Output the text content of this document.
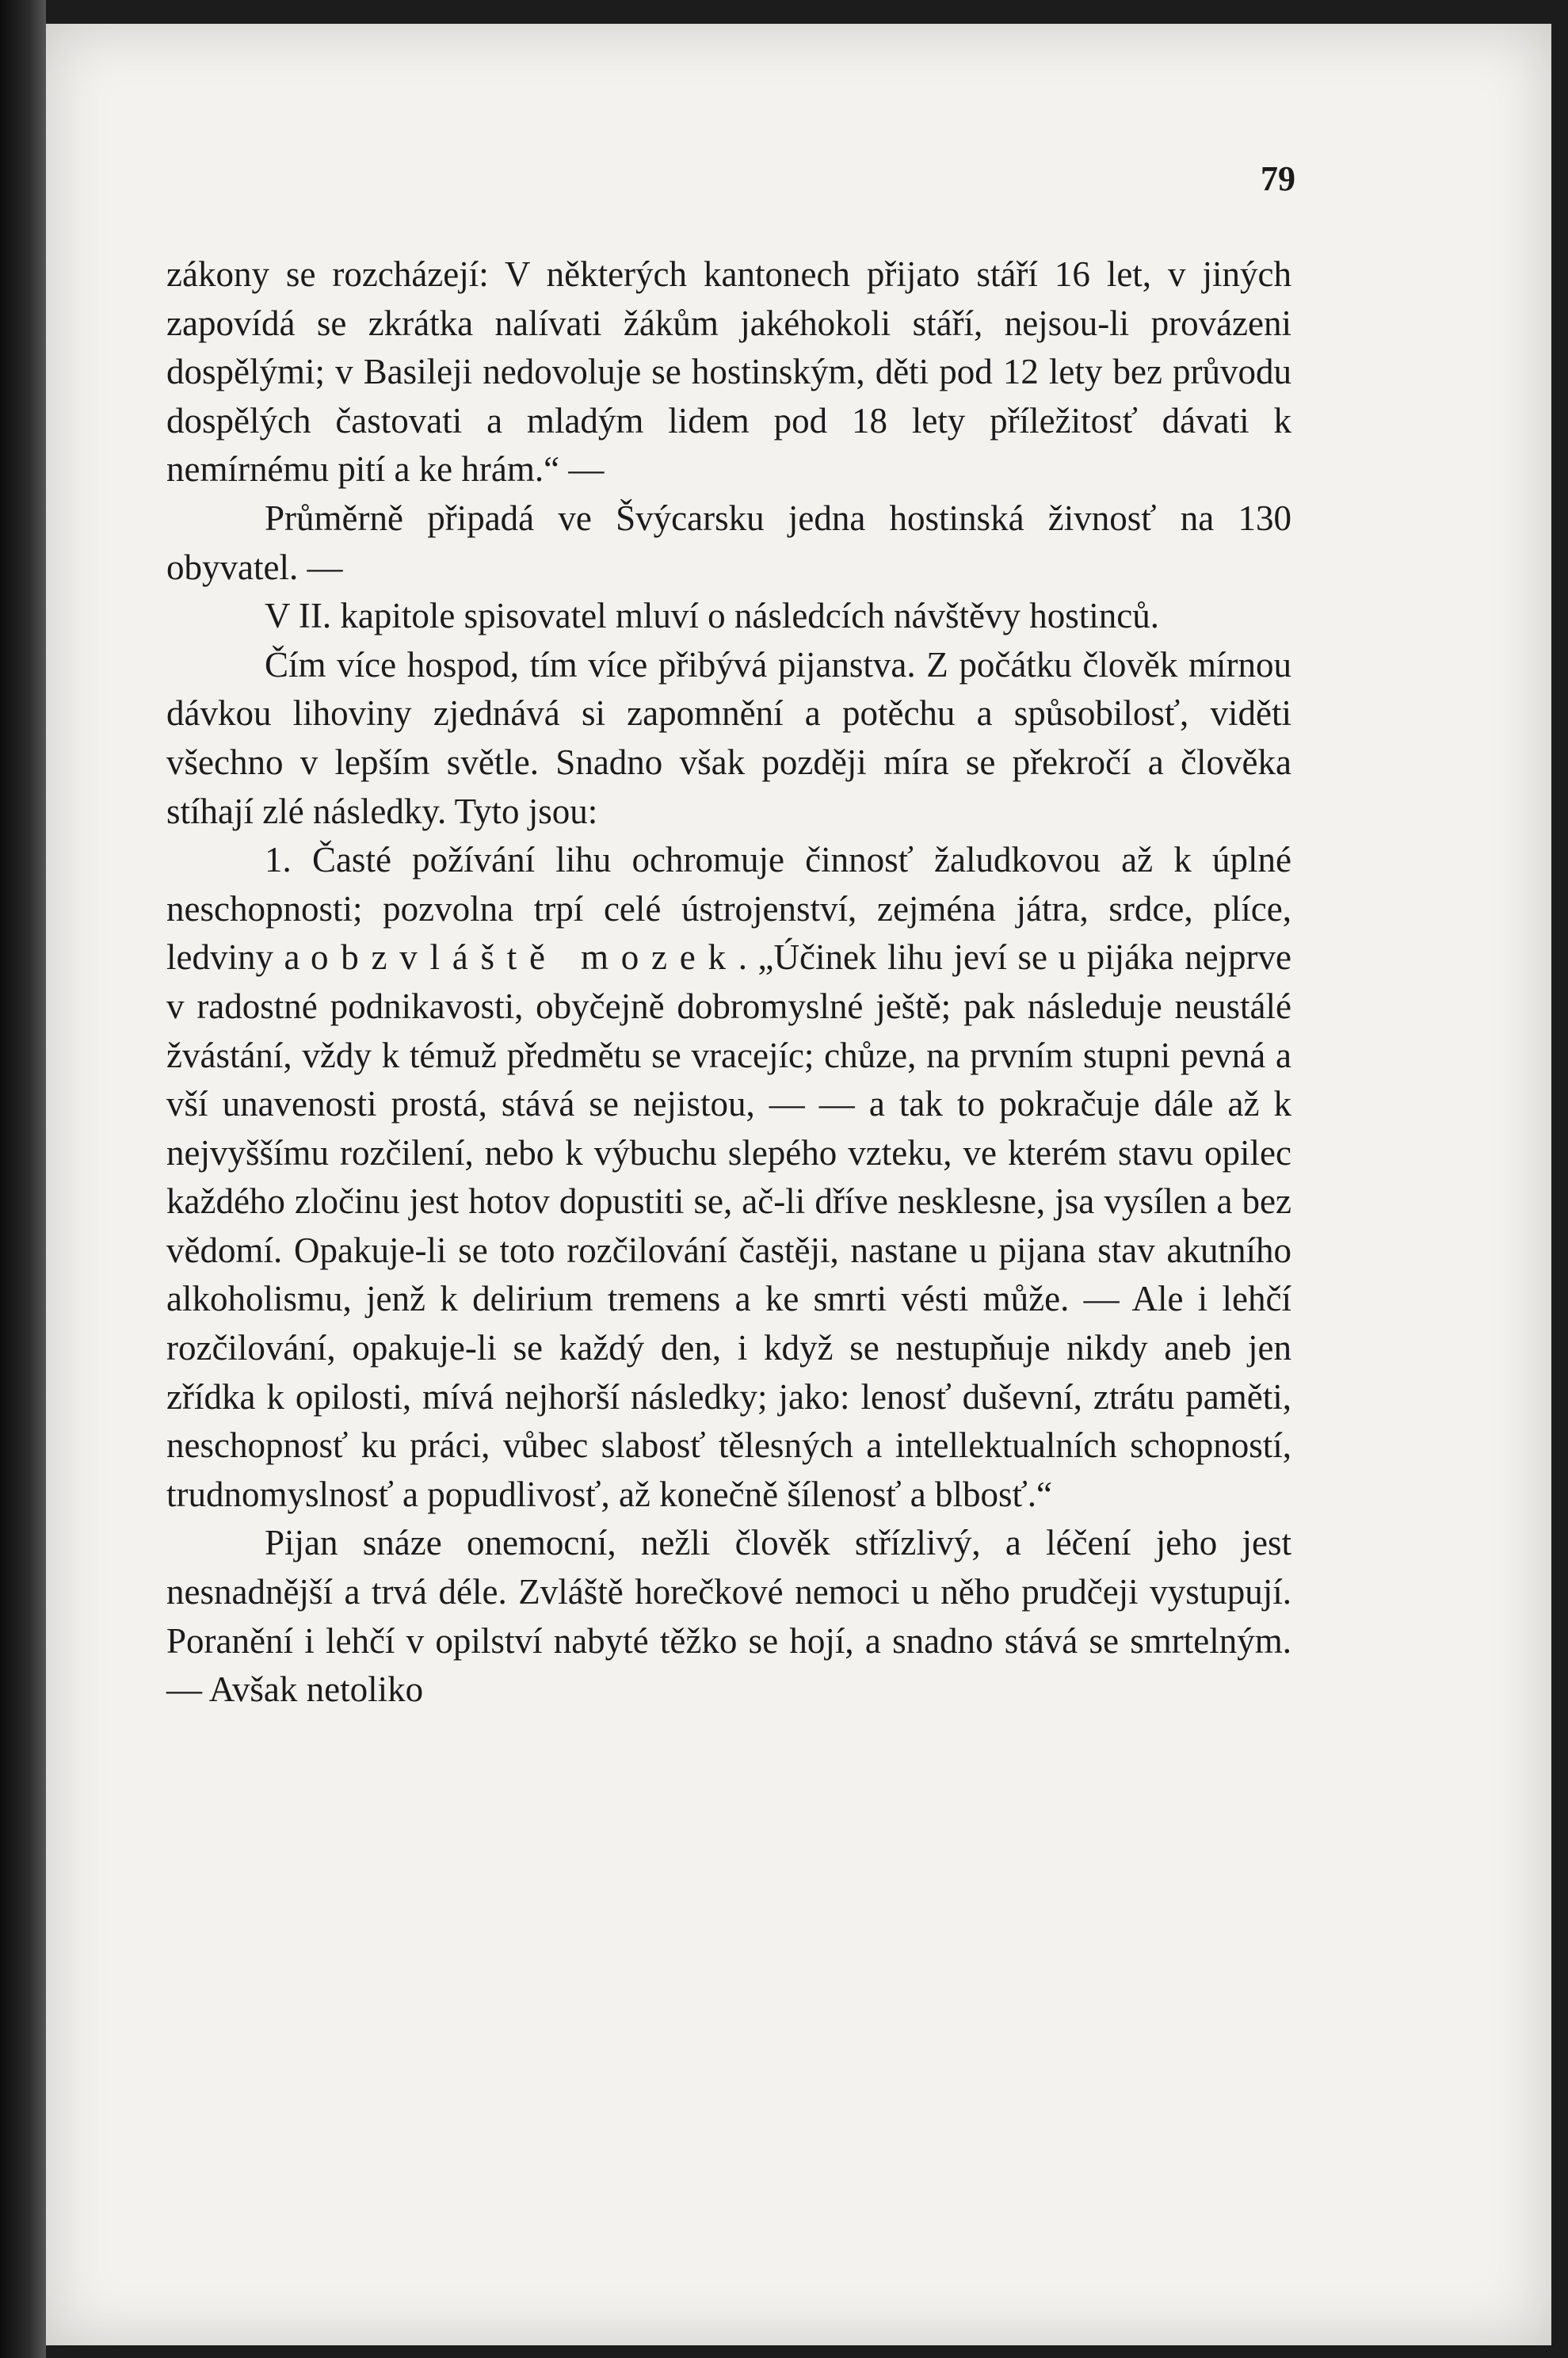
79

zákony se rozcházejí: V některých kantonech přijato stáří 16 let, v jiných zapovídá se zkrátka nalívati žákům jakéhokoli stáří, nejsou-li provázeni dospělými; v Basileji nedovoluje se hostinským, děti pod 12 lety bez průvodu dospělých častovati a mladým lidem pod 18 lety příležitosť dávati k nemírnému pití a ke hrám.“ —

Průměrně připadá ve Švýcarsku jedna hostinská živnosť na 130 obyvatel. —

V II. kapitole spisovatel mluví o následcích návštěvy hostinců.

Čím více hospod, tím více přibývá pijanstva. Z počátku člověk mírnou dávkou lihoviny zjednává si zapomnění a potěchu a spůsobilosť, viděti všechno v lepším světle. Snadno však později míra se překročí a člověka stíhají zlé následky. Tyto jsou:

1. Časté požívání lihu ochromuje činnosť žaludkovou až k úplné neschopnosti; pozvolna trpí celé ústrojenství, zejména játra, srdce, plíce, ledviny a obzvláště mozek. „Účinek lihu jeví se u pijáka nejprve v radostné podnikavosti, obyčejně dobromyslné ještě; pak následuje neustálé žvástání, vždy k témuž předmětu se vracejíc; chůze, na prvním stupni pevná a vší unavenosti prostá, stává se nejistou, — — a tak to pokračuje dále až k nejvyššímu rozčilení, nebo k výbuchu slepého vzteku, ve kterém stavu opilec každého zločinu jest hotov dopustiti se, ač-li dříve nesklesne, jsa vysílen a bez vědomí. Opakuje-li se toto rozčilování častěji, nastane u pijana stav akutního alkoholismu, jenž k delirium tremens a ke smrti vésti může. — Ale i lehčí rozčilování, opakuje-li se každý den, i když se nestupňuje nikdy aneb jen zřídka k opilosti, mívá nejhorší následky; jako: lenosť duševní, ztrátu paměti, neschopnosť ku práci, vůbec slabosť tělesných a intellektualních schopností, trudnomyslnosť a popudlivosť, až konečně šílenosť a blbosť.“

Pijan snáze onemocní, nežli člověk střízlivý, a léčení jeho jest nesnadnější a trvá déle. Zvláště horečkové nemoci u něho prudčeji vystupují. Poranění i lehčí v opilství nabyté těžko se hojí, a snadno stává se smrtelným. — Avšak netoliko
